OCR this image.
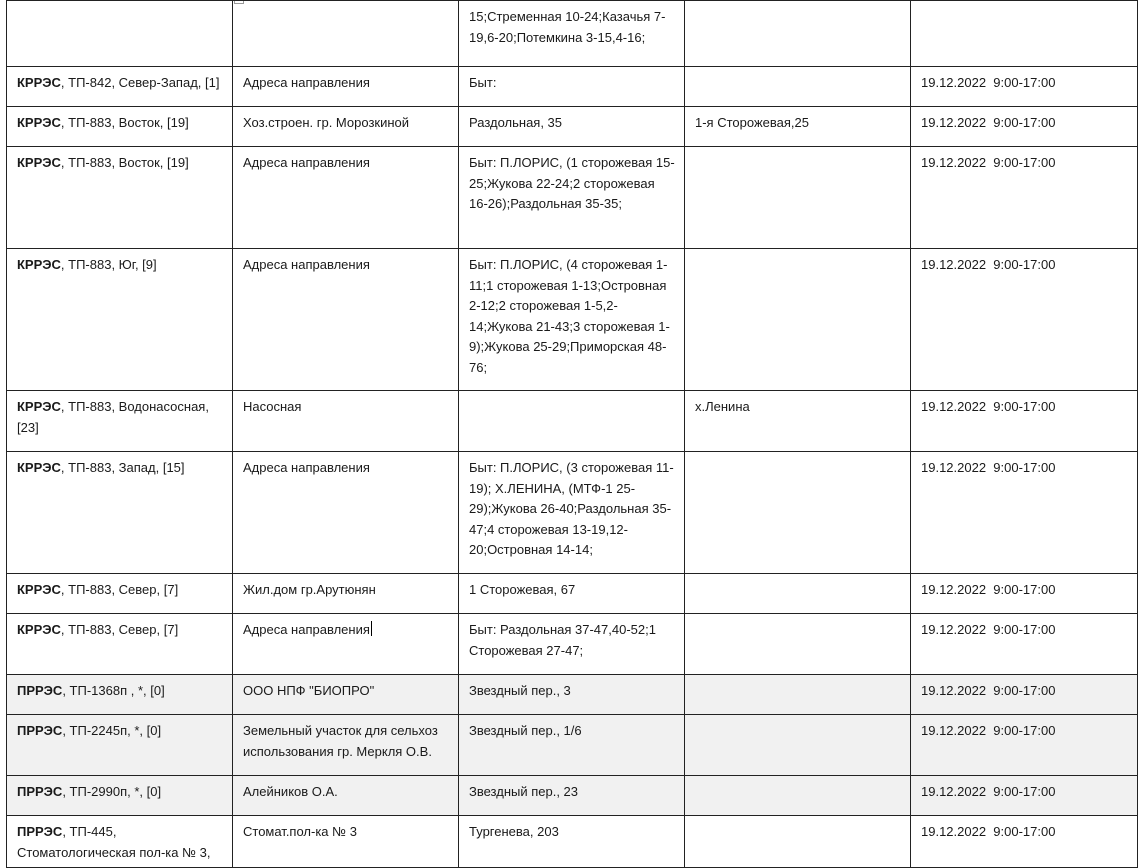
		15;Стременная 10-24;Казачья 7-19,6-20;Потемкина 3-15,4-16;		
КРРЭС, ТП-842, Север-Запад, [1]	Адреса направления	Быт:		19.12.2022  9:00-17:00
КРРЭС, ТП-883, Восток, [19]	Хоз.строен. гр. Морозкиной	Раздольная, 35	1-я Сторожевая,25	19.12.2022  9:00-17:00
КРРЭС, ТП-883, Восток, [19]	Адреса направления	Быт: П.ЛОРИС, (1 сторожевая 15-25;Жукова 22-24;2 сторожевая 16-26);Раздольная 35-35;		19.12.2022  9:00-17:00
КРРЭС, ТП-883, Юг, [9]	Адреса направления	Быт: П.ЛОРИС, (4 сторожевая 1-11;1 сторожевая 1-13;Островная 2-12;2 сторожевая 1-5,2-14;Жукова 21-43;3 сторожевая 1-9);Жукова 25-29;Приморская 48-76;		19.12.2022  9:00-17:00
КРРЭС, ТП-883, Водонасосная, [23]	Насосная		х.Ленина	19.12.2022  9:00-17:00
КРРЭС, ТП-883, Запад, [15]	Адреса направления	Быт: П.ЛОРИС, (3 сторожевая 11-19); Х.ЛЕНИНА, (МТФ-1 25-29);Жукова 26-40;Раздольная 35-47;4 сторожевая 13-19,12-20;Островная 14-14;		19.12.2022  9:00-17:00
КРРЭС, ТП-883, Север, [7]	Жил.дом гр.Арутюнян	1 Сторожевая, 67		19.12.2022  9:00-17:00
КРРЭС, ТП-883, Север, [7]	Адреса направления	Быт: Раздольная 37-47,40-52;1 Сторожевая 27-47;		19.12.2022  9:00-17:00
ПРРЭС, ТП-1368п , *, [0]	ООО НПФ "БИОПРО"	Звездный пер., 3		19.12.2022  9:00-17:00
ПРРЭС, ТП-2245п, *, [0]	Земельный участок для сельхоз использования гр. Меркля О.В.	Звездный пер., 1/6		19.12.2022  9:00-17:00
ПРРЭС, ТП-2990п, *, [0]	Алейников О.А.	Звездный пер., 23		19.12.2022  9:00-17:00
ПРРЭС, ТП-445, Стоматологическая пол-ка № 3,	Стомат.пол-ка № 3	Тургенева, 203		19.12.2022  9:00-17:00
